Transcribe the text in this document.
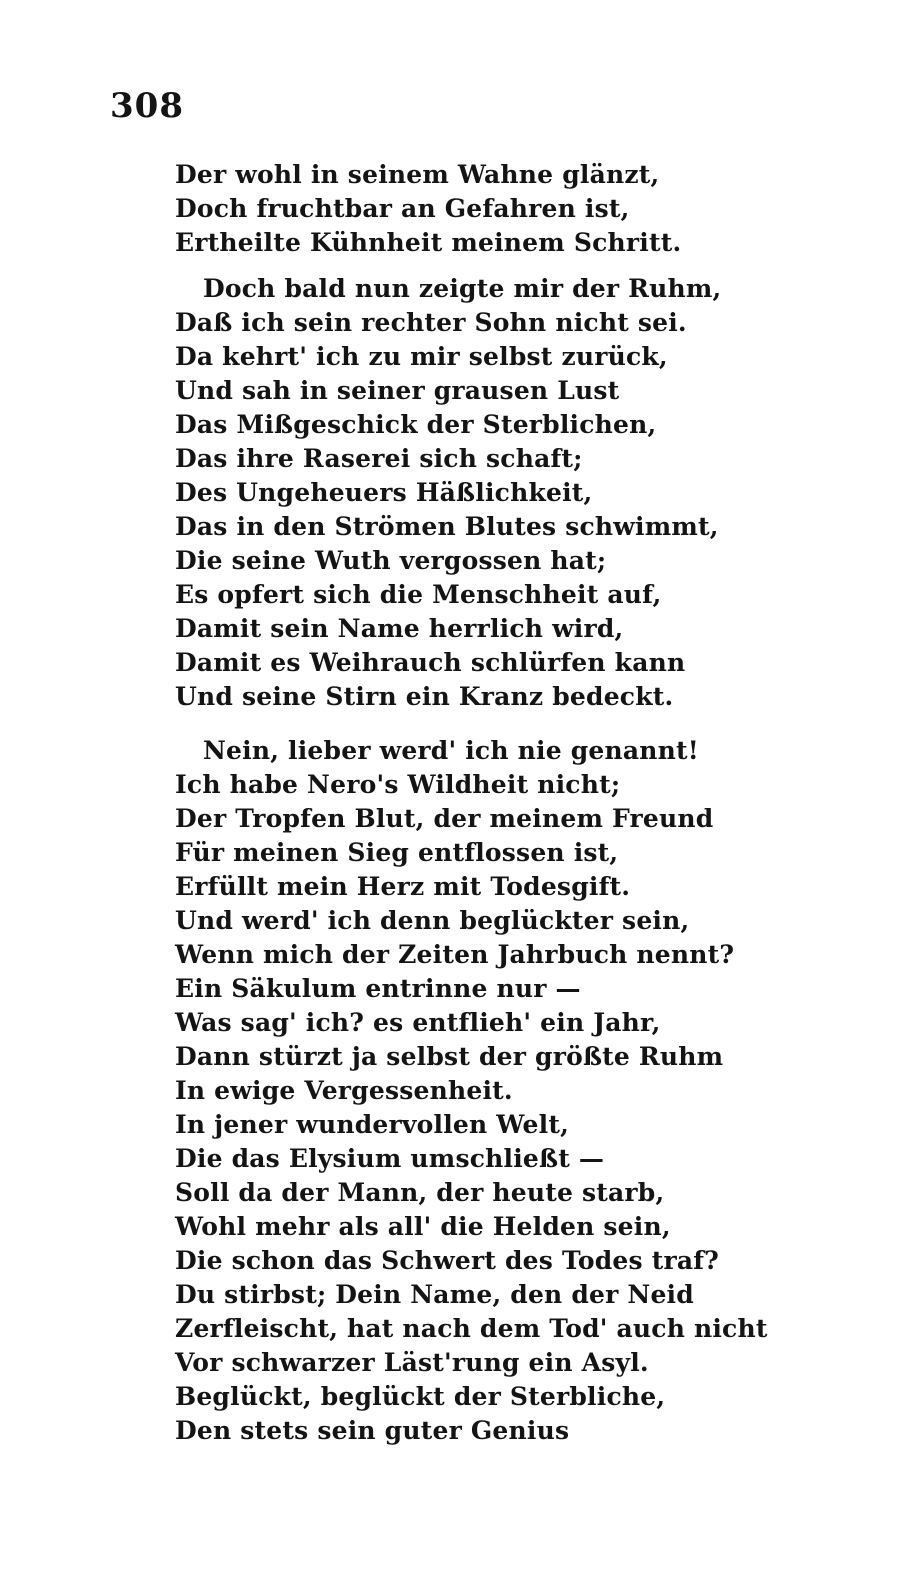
308
Der wohl in seinem Wahne glänzt,
Doch fruchtbar an Gefahren ist,
Ertheilte Kühnheit meinem Schritt.
Doch bald nun zeigte mir der Ruhm,
Daß ich sein rechter Sohn nicht sei.
Da kehrt' ich zu mir selbst zurück,
Und sah in seiner grausen Lust
Das Mißgeschick der Sterblichen,
Das ihre Raserei sich schaft;
Des Ungeheuers Häßlichkeit,
Das in den Strömen Blutes schwimmt,
Die seine Wuth vergossen hat;
Es opfert sich die Menschheit auf,
Damit sein Name herrlich wird,
Damit es Weihrauch schlürfen kann
Und seine Stirn ein Kranz bedeckt.
Nein, lieber werd' ich nie genannt!
Ich habe Nero's Wildheit nicht;
Der Tropfen Blut, der meinem Freund
Für meinen Sieg entflossen ist,
Erfüllt mein Herz mit Todesgift.
Und werd' ich denn beglückter sein,
Wenn mich der Zeiten Jahrbuch nennt?
Ein Säkulum entrinne nur —
Was sag' ich? es entflieh' ein Jahr,
Dann stürzt ja selbst der größte Ruhm
In ewige Vergessenheit.
In jener wundervollen Welt,
Die das Elysium umschließt —
Soll da der Mann, der heute starb,
Wohl mehr als all' die Helden sein,
Die schon das Schwert des Todes traf?
Du stirbst; Dein Name, den der Neid
Zerfleischt, hat nach dem Tod' auch nicht
Vor schwarzer Läst'rung ein Asyl.
Beglückt, beglückt der Sterbliche,
Den stets sein guter Genius
